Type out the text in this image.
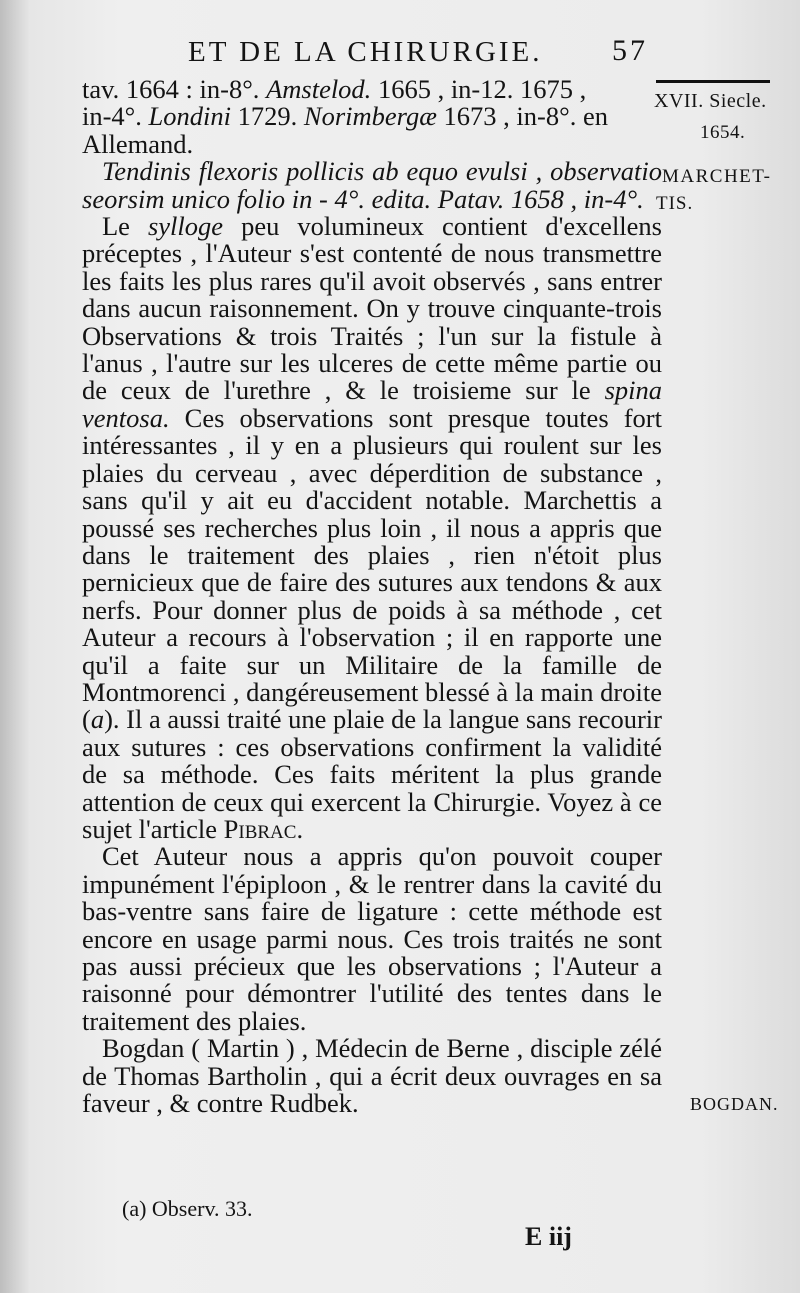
ET DE LA CHIRURGIE. 57
XVII. Siecle.
1654.
MARCHET-
TIS.
BOGDAN.

tav. 1664 : in-8°. Amstelod. 1665 , in-12. 1675 ,
in-4°. Londini 1729. Norimbergæ 1673 , in-8°. en
Allemand.

Tendinis flexoris pollicis ab equo evulsi , observatio seorsim unico folio in - 4°. edita. Patav. 1658 , in-4°.

Le sylloge peu volumineux contient d'excellens préceptes , l'Auteur s'est contenté de nous transmettre les faits les plus rares qu'il avoit observés , sans entrer dans aucun raisonnement. On y trouve cinquante-trois Observations & trois Traités ; l'un sur la fistule à l'anus , l'autre sur les ulceres de cette même partie ou de ceux de l'urethre , & le troisieme sur le spina ventosa. Ces observations sont presque toutes fort intéressantes , il y en a plusieurs qui roulent sur les plaies du cerveau , avec déperdition de substance , sans qu'il y ait eu d'accident notable. Marchettis a poussé ses recherches plus loin , il nous a appris que dans le traitement des plaies , rien n'étoit plus pernicieux que de faire des sutures aux tendons & aux nerfs. Pour donner plus de poids à sa méthode , cet Auteur a recours à l'observation ; il en rapporte une qu'il a faite sur un Militaire de la famille de Montmorenci , dangéreusement blessé à la main droite (a). Il a aussi traité une plaie de la langue sans recourir aux sutures : ces observations confirment la validité de sa méthode. Ces faits méritent la plus grande attention de ceux qui exercent la Chirurgie. Voyez à ce sujet l'article Pibrac.

Cet Auteur nous a appris qu'on pouvoit couper impunément l'épiploon , & le rentrer dans la cavité du bas-ventre sans faire de ligature : cette méthode est encore en usage parmi nous. Ces trois traités ne sont pas aussi précieux que les observations ; l'Auteur a raisonné pour démontrer l'utilité des tentes dans le traitement des plaies.

Bogdan ( Martin ) , Médecin de Berne , disciple zélé de Thomas Bartholin , qui a écrit deux ouvrages en sa faveur , & contre Rudbek.

(a) Observ. 33.
E iij
